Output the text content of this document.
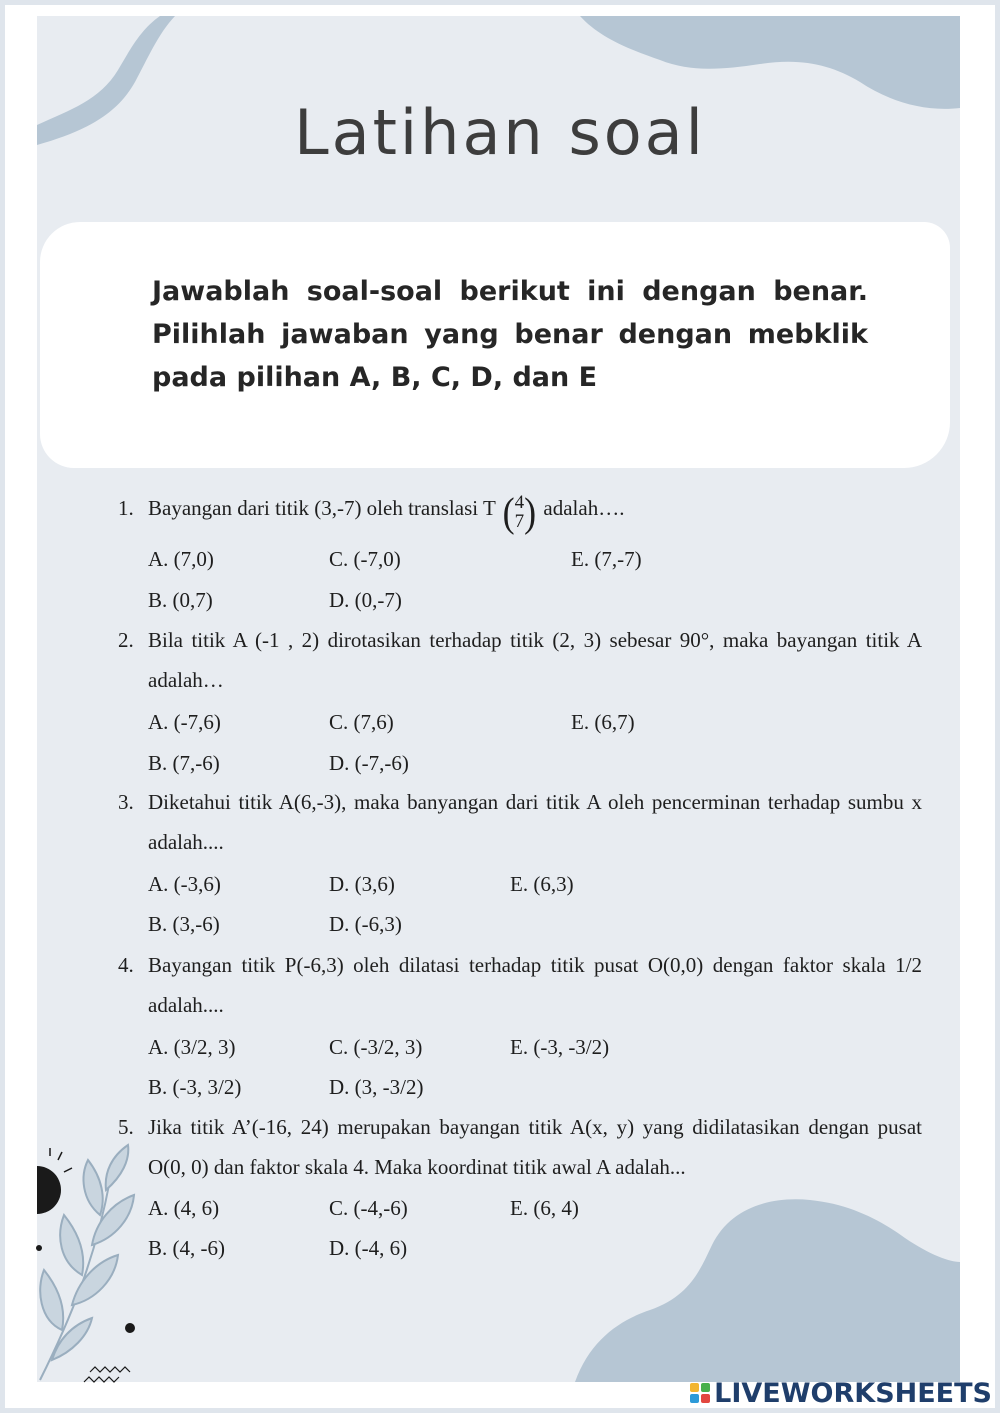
Latihan soal
Jawablah soal-soal berikut ini dengan benar. Pilihlah jawaban yang benar dengan mebklik pada pilihan A, B, C, D, dan E
1. Bayangan dari titik (3,-7) oleh translasi T ( 4
7 ) adalah….
A. (7,0)	C. (-7,0)	E. (7,-7)
B. (0,7)	D. (0,-7)
2. Bila titik A (-1 , 2) dirotasikan terhadap titik (2, 3) sebesar 90°, maka bayangan titik A adalah…
A. (-7,6)	C. (7,6)	E. (6,7)
B. (7,-6)	D. (-7,-6)
3. Diketahui titik A(6,-3), maka banyangan dari titik A oleh pencerminan terhadap sumbu x adalah....
A. (-3,6)	D. (3,6)	E. (6,3)
B. (3,-6)	D. (-6,3)
4. Bayangan titik P(-6,3) oleh dilatasi terhadap titik pusat O(0,0) dengan faktor skala 1/2 adalah....
A. (3/2, 3)	C. (-3/2, 3)	E. (-3, -3/2)
B. (-3, 3/2)	D. (3, -3/2)
5. Jika titik A’(-16, 24) merupakan bayangan titik A(x, y) yang didilatasikan dengan pusat O(0, 0) dan faktor skala 4. Maka koordinat titik awal A adalah...
A. (4, 6)	C. (-4,-6)	E. (6, 4)
B. (4, -6)	D. (-4, 6)
LIVEWORKSHEETS
